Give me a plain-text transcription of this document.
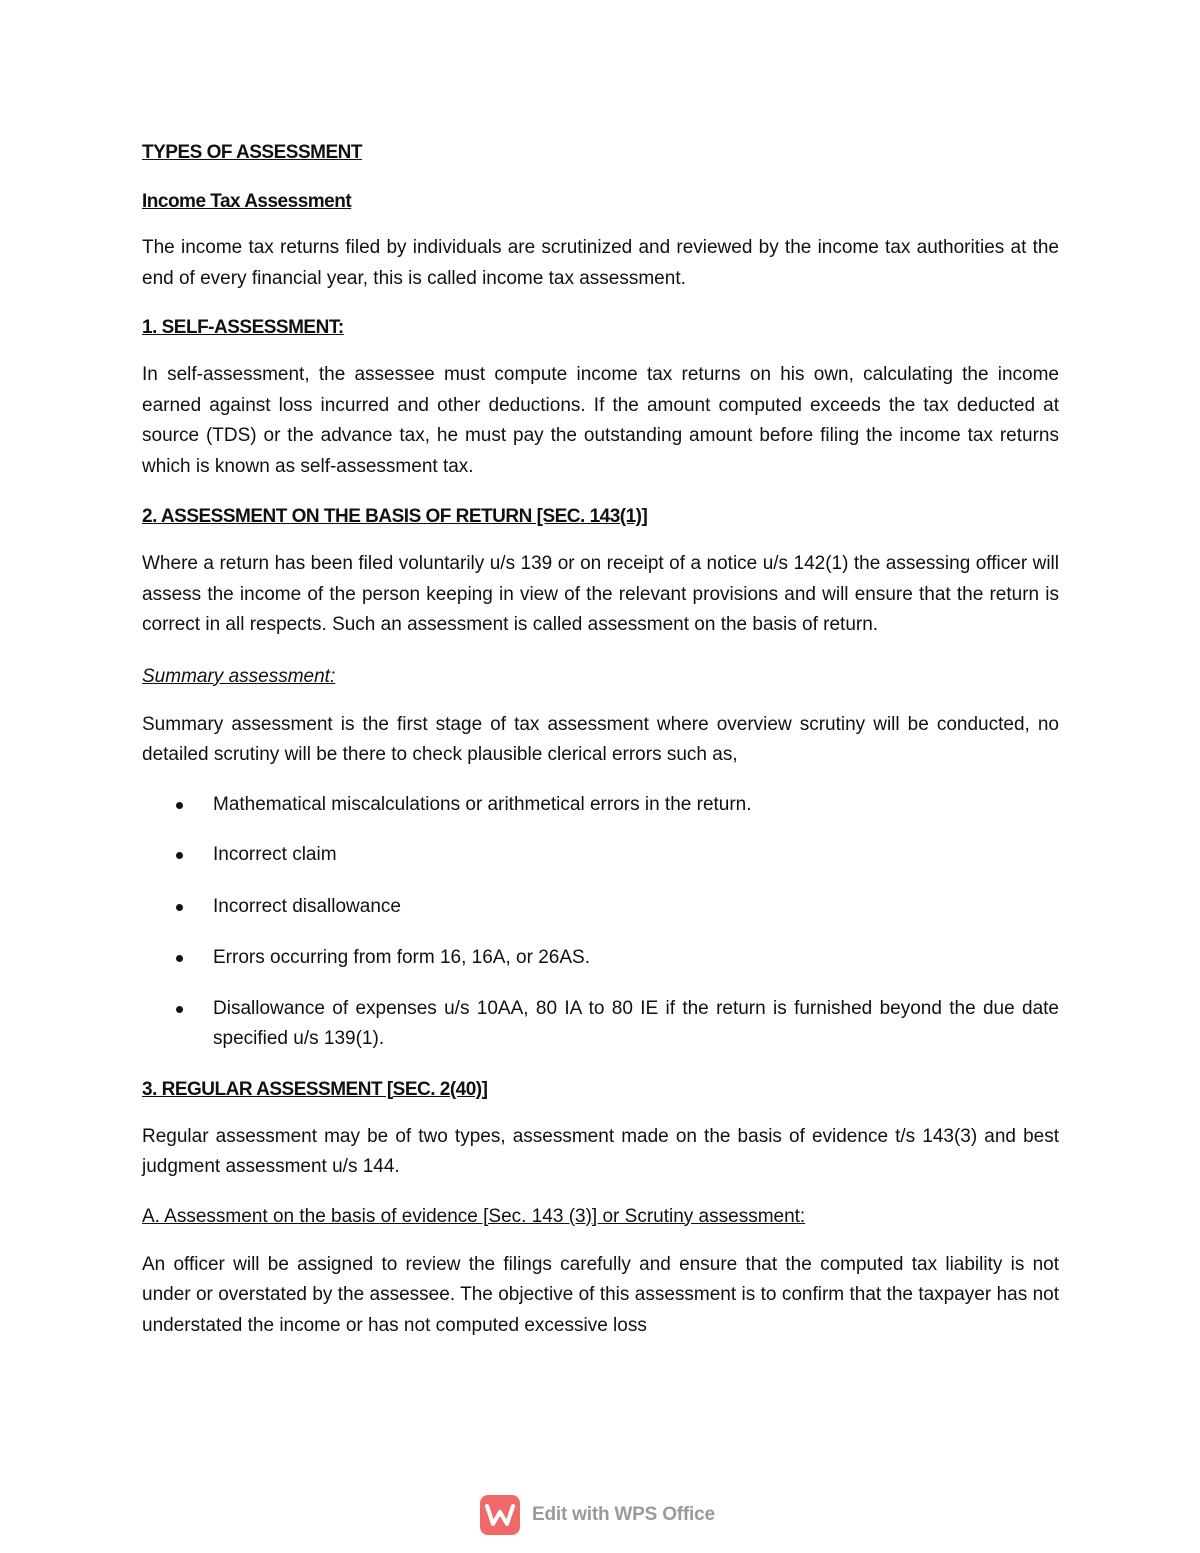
TYPES OF ASSESSMENT

Income Tax Assessment

The income tax returns filed by individuals are scrutinized and reviewed by the income tax authorities at the end of every financial year, this is called income tax assessment.

1. SELF-ASSESSMENT:

In self-assessment, the assessee must compute income tax returns on his own, calculating the income earned against loss incurred and other deductions. If the amount computed exceeds the tax deducted at source (TDS) or the advance tax, he must pay the outstanding amount before filing the income tax returns which is known as self-assessment tax.

2. ASSESSMENT ON THE BASIS OF RETURN [SEC. 143(1)]

Where a return has been filed voluntarily u/s 139 or on receipt of a notice u/s 142(1) the assessing officer will assess the income of the person keeping in view of the relevant provisions and will ensure that the return is correct in all respects. Such an assessment is called assessment on the basis of return.

Summary assessment:

Summary assessment is the first stage of tax assessment where overview scrutiny will be conducted, no detailed scrutiny will be there to check plausible clerical errors such as,

Mathematical miscalculations or arithmetical errors in the return.
Incorrect claim
Incorrect disallowance
Errors occurring from form 16, 16A, or 26AS.
Disallowance of expenses u/s 10AA, 80 IA to 80 IE if the return is furnished beyond the due date specified u/s 139(1).

3. REGULAR ASSESSMENT [SEC. 2(40)]

Regular assessment may be of two types, assessment made on the basis of evidence t/s 143(3) and best judgment assessment u/s 144.

A. Assessment on the basis of evidence [Sec. 143 (3)] or Scrutiny assessment:

An officer will be assigned to review the filings carefully and ensure that the computed tax liability is not under or overstated by the assessee. The objective of this assessment is to confirm that the taxpayer has not understated the income or has not computed excessive loss

Edit with WPS Office
